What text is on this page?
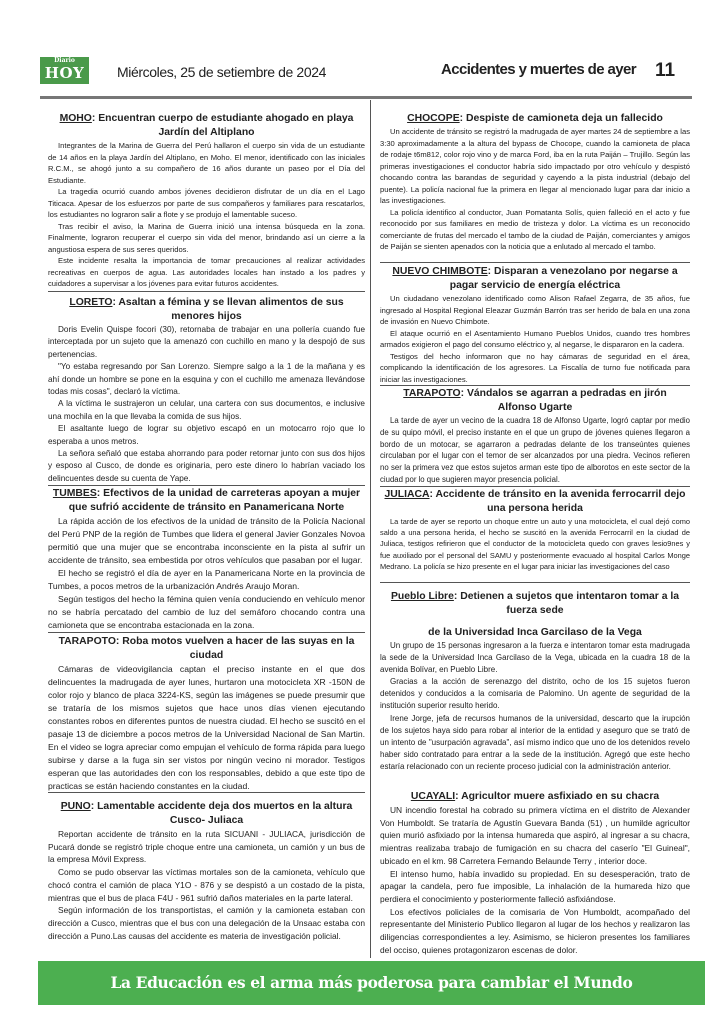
Diario
HOY	Miércoles, 25 de setiembre de 2024	Accidentes y muertes de ayer 11
MOHO: Encuentran cuerpo de estudiante ahogado en playa Jardín del Altiplano

Integrantes de la Marina de Guerra del Perú hallaron el cuerpo sin vida de un estudiante de 14 años en la playa Jardín del Altiplano, en Moho. El menor, identificado con las iniciales R.C.M., se ahogó junto a su compañero de 16 años durante un paseo por el Día del Estudiante.

La tragedia ocurrió cuando ambos jóvenes decidieron disfrutar de un día en el Lago Titicaca. Apesar de los esfuerzos por parte de sus compañeros y familiares para rescatarlos, los estudiantes no lograron salir a flote y se produjo el lamentable suceso.

Tras recibir el aviso, la Marina de Guerra inició una intensa búsqueda en la zona. Finalmente, lograron recuperar el cuerpo sin vida del menor, brindando así un cierre a la angustiosa espera de sus seres queridos.

Este incidente resalta la importancia de tomar precauciones al realizar actividades recreativas en cuerpos de agua. Las autoridades locales han instado a los padres y cuidadores a supervisar a los jóvenes para evitar futuros accidentes.

LORETO: Asaltan a fémina y se llevan alimentos de sus menores hijos

Doris Evelin Quispe focori (30), retornaba de trabajar en una pollería cuando fue interceptada por un sujeto que la amenazó con cuchillo en mano y la despojó de sus pertenencias.

"Yo estaba regresando por San Lorenzo. Siempre salgo a la 1 de la mañana y es ahí donde un hombre se pone en la esquina y con el cuchillo me amenaza llevándose todas mis cosas", declaró la víctima.

A la víctima le sustrajeron un celular, una cartera con sus documentos, e inclusive una mochila en la que llevaba la comida de sus hijos.

El asaltante luego de lograr su objetivo escapó en un motocarro rojo que lo esperaba a unos metros.

La señora señaló que estaba ahorrando para poder retornar junto con sus dos hijos y esposo al Cusco, de donde es originaria, pero este dinero lo habrían vaciado los delincuentes desde su cuenta de Yape.

TUMBES: Efectivos de la unidad de carreteras apoyan a mujer que sufrió accidente de tránsito en Panamericana Norte

La rápida acción de los efectivos de la unidad de tránsito de la Policía Nacional del Perú PNP de la región de Tumbes que lidera el general Javier Gonzales Novoa permitió que una mujer que se encontraba inconsciente en la pista al sufrir un accidente de tránsito, sea embestida por otros vehículos que pasaban por el lugar.

El hecho se registró el día de ayer en la Panamericana Norte en la provincia de Tumbes, a pocos metros de la urbanización Andrés Araujo Moran.

Según testigos del hecho la fémina quien venía conduciendo en vehículo menor no se habría percatado del cambio de luz del semáforo chocando contra una camioneta que se encontraba estacionada en la zona.

TARAPOTO: Roba motos vuelven a hacer de las suyas en la ciudad

Cámaras de videovigilancia captan el preciso instante en el que dos delincuentes la madrugada de ayer lunes, hurtaron una motocicleta XR -150N de color rojo y blanco de placa 3224-KS, según las imágenes se puede presumir que se trataría de los mismos sujetos que hace unos días vienen ejecutando constantes robos en diferentes puntos de nuestra ciudad. El hecho se suscitó en el pasaje 13 de diciembre a pocos metros de la Universidad Nacional de San Martin. En el video se logra apreciar como empujan el vehículo de forma rápida para luego subirse y darse a la fuga sin ser vistos por ningún vecino ni morador. Testigos esperan que las autoridades den con los responsables, debido a que este tipo de practicas se están haciendo constantes en la ciudad.

PUNO: Lamentable accidente deja dos muertos en la altura Cusco- Juliaca

Reportan accidente de tránsito en la ruta SICUANI - JULIACA, jurisdicción de Pucará donde se registró triple choque entre una camioneta, un camión y un bus de la empresa Móvil Express.

Como se pudo observar las víctimas mortales son de la camioneta, vehículo que chocó contra el camión de placa Y1O - 876 y se despistó a un costado de la pista, mientras que el bus de placa F4U - 961 sufrió daños materiales en la parte lateral.

Según información de los transportistas, el camión y la camioneta estaban con dirección a Cusco, mientras que el bus con una delegación de la Unsaac estaba con dirección a Puno.Las causas del accidente es materia de investigación policial.

CHOCOPE: Despiste de camioneta deja un fallecido

Un accidente de tránsito se registró la madrugada de ayer martes 24 de septiembre a las 3:30 aproximadamente a la altura del bypass de Chocope, cuando la camioneta de placa de rodaje t6m812, color rojo vino y de marca Ford, iba en la ruta Paiján – Trujillo. Según las primeras investigaciones el conductor habría sido impactado por otro vehículo y despistó chocando contra las barandas de seguridad y cayendo a la pista industrial (debajo del puente). La policía nacional fue la primera en llegar al mencionado lugar para dar inicio a las investigaciones.

La policía identifico al conductor, Juan Pomatanta Solís, quien falleció en el acto y fue reconocido por sus familiares en medio de tristeza y dolor. La víctima es un reconocido comerciante de frutas del mercado el tambo de la ciudad de Paiján, comerciantes y amigos de Paiján se sienten apenados con la noticia que a enlutado al mercado el tambo.

NUEVO CHIMBOTE: Disparan a venezolano por negarse a pagar servicio de energía eléctrica

Un ciudadano venezolano identificado como Alison Rafael Zegarra, de 35 años, fue ingresado al Hospital Regional Eleazar Guzmán Barrón tras ser herido de bala en una zona de invasión en Nuevo Chimbote.

El ataque ocurrió en el Asentamiento Humano Pueblos Unidos, cuando tres hombres armados exigieron el pago del consumo eléctrico y, al negarse, le dispararon en la cadera.

Testigos del hecho informaron que no hay cámaras de seguridad en el área, complicando la identificación de los agresores. La Fiscalía de turno fue notificada para iniciar las investigaciones.

TARAPOTO: Vándalos se agarran a pedradas en jirón Alfonso Ugarte

La tarde de ayer un vecino de la cuadra 18 de Alfonso Ugarte, logró captar por medio de su quipo móvil, el preciso instante en el que un grupo de jóvenes quienes llegaron a bordo de un motocar, se agarraron a pedradas delante de los transeúntes quienes circulaban por el lugar con el temor de ser alcanzados por una piedra. Vecinos refieren no ser la primera vez que estos sujetos arman este tipo de alborotos en este sector de la ciudad por lo que sugieren mayor presencia policial.

JULIACA: Accidente de tránsito en la avenida ferrocarril dejo una persona herida

La tarde de ayer se reporto un choque entre un auto y una motocicleta, el cual dejó como saldo a una persona herida, el hecho se suscitó en la avenida Ferrocarril en la ciudad de Juliaca, testigos refirieron que el conductor de la motocicleta quedo con graves lesio9nes y fue auxiliado por el personal del SAMU y posteriormente evacuado al hospital Carlos Monge Medrano. La policía se hizo presente en el lugar para iniciar las investigaciones del caso

Pueblo Libre: Detienen a sujetos que intentaron tomar a la fuerza sede
de la Universidad Inca Garcilaso de la Vega

Un grupo de 15 personas ingresaron a la fuerza e intentaron tomar esta madrugada la sede de la Universidad Inca Garcilaso de la Vega, ubicada en la cuadra 18 de la avenida Bolívar, en Pueblo Libre.

Gracias a la acción de serenazgo del distrito, ocho de los 15 sujetos fueron detenidos y conducidos a la comisaria de Palomino. Un agente de seguridad de la institución superior resulto herido.

Irene Jorge, jefa de recursos humanos de la universidad, descarto que la irupción de los sujetos haya sido para robar al interior de la entidad y aseguro que se trató de un intento de "usurpación agravada", así mismo indico que uno de los detenidos revelo haber sido contratado para entrar a la sede de la institución. Agregó que este hecho estaría relacionado con un reciente proceso judicial con la administración anterior.

UCAYALI: Agricultor muere asfixiado en su chacra

UN incendio forestal ha cobrado su primera víctima en el distrito de Alexander Von Humboldt. Se trataría de Agustín Guevara Banda (51) , un humilde agricultor quien murió asfixiado por la intensa humareda que aspiró, al ingresar a su chacra, mientras realizaba trabajo de fumigación en su chacra del caserío "El Guineal", ubicado en el km. 98 Carretera Fernando Belaunde Terry , interior doce.

El intenso humo, había invadido su propiedad. En su desesperación, trato de apagar la candela, pero fue imposible, La inhalación de la humareda hizo que perdiera el conocimiento y posteriormente falleció asfixiándose.

Los efectivos policiales de la comisaria de Von Humboldt, acompañado del representante del Ministerio Publico llegaron al lugar de los hechos y realizaron las diligencias correspondientes a ley. Asimismo, se hicieron presentes los familiares del occiso, quienes protagonizaron escenas de dolor.

La Educación es el arma más poderosa para cambiar el Mundo
